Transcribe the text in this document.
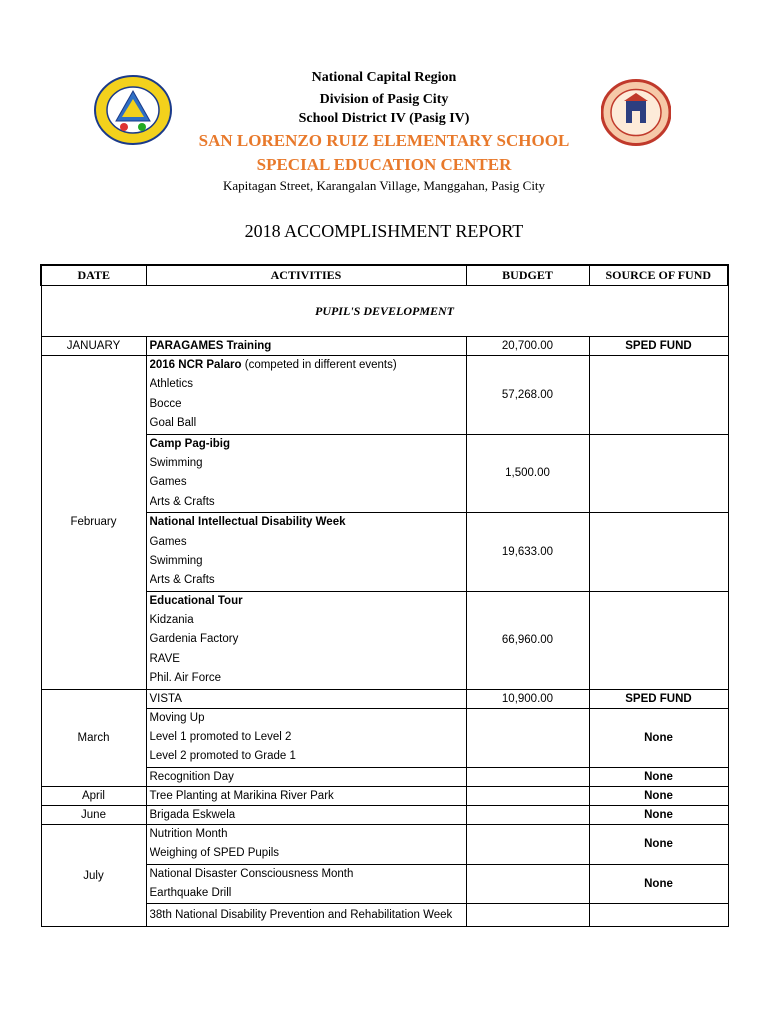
National Capital Region
Division of Pasig City
School District IV (Pasig IV)
SAN LORENZO RUIZ ELEMENTARY SCHOOL
SPECIAL EDUCATION CENTER
Kapitagan Street, Karangalan Village, Manggahan, Pasig City
2018 ACCOMPLISHMENT REPORT
DATE	ACTIVITIES	BUDGET	SOURCE OF FUND
PUPIL'S DEVELOPMENT			
JANUARY	PARAGAMES Training	20,700.00	SPED FUND
February	2016 NCR Palaro (competed in different events)
Athletics
Bocce
Goal Ball	57,268.00	

	Camp Pag-ibig
Swimming
Games
Arts & Crafts	1,500.00	

	National Intellectual Disability Week
Games
Swimming
Arts & Crafts	19,633.00	

	Educational Tour
Kidzania
Gardenia Factory
RAVE
Phil. Air Force	66,960.00	
March	VISTA	10,900.00	SPED FUND

	Moving Up
Level 1 promoted to Level 2
Level 2 promoted to Grade 1		None
	Recognition Day		None
April	Tree Planting at Marikina River Park		None
June	Brigada Eskwela		None
July	Nutrition Month
Weighing of SPED Pupils		None

	National Disaster Consciousness Month
Earthquake Drill		None

	38th National Disability Prevention and Rehabilitation Week		
